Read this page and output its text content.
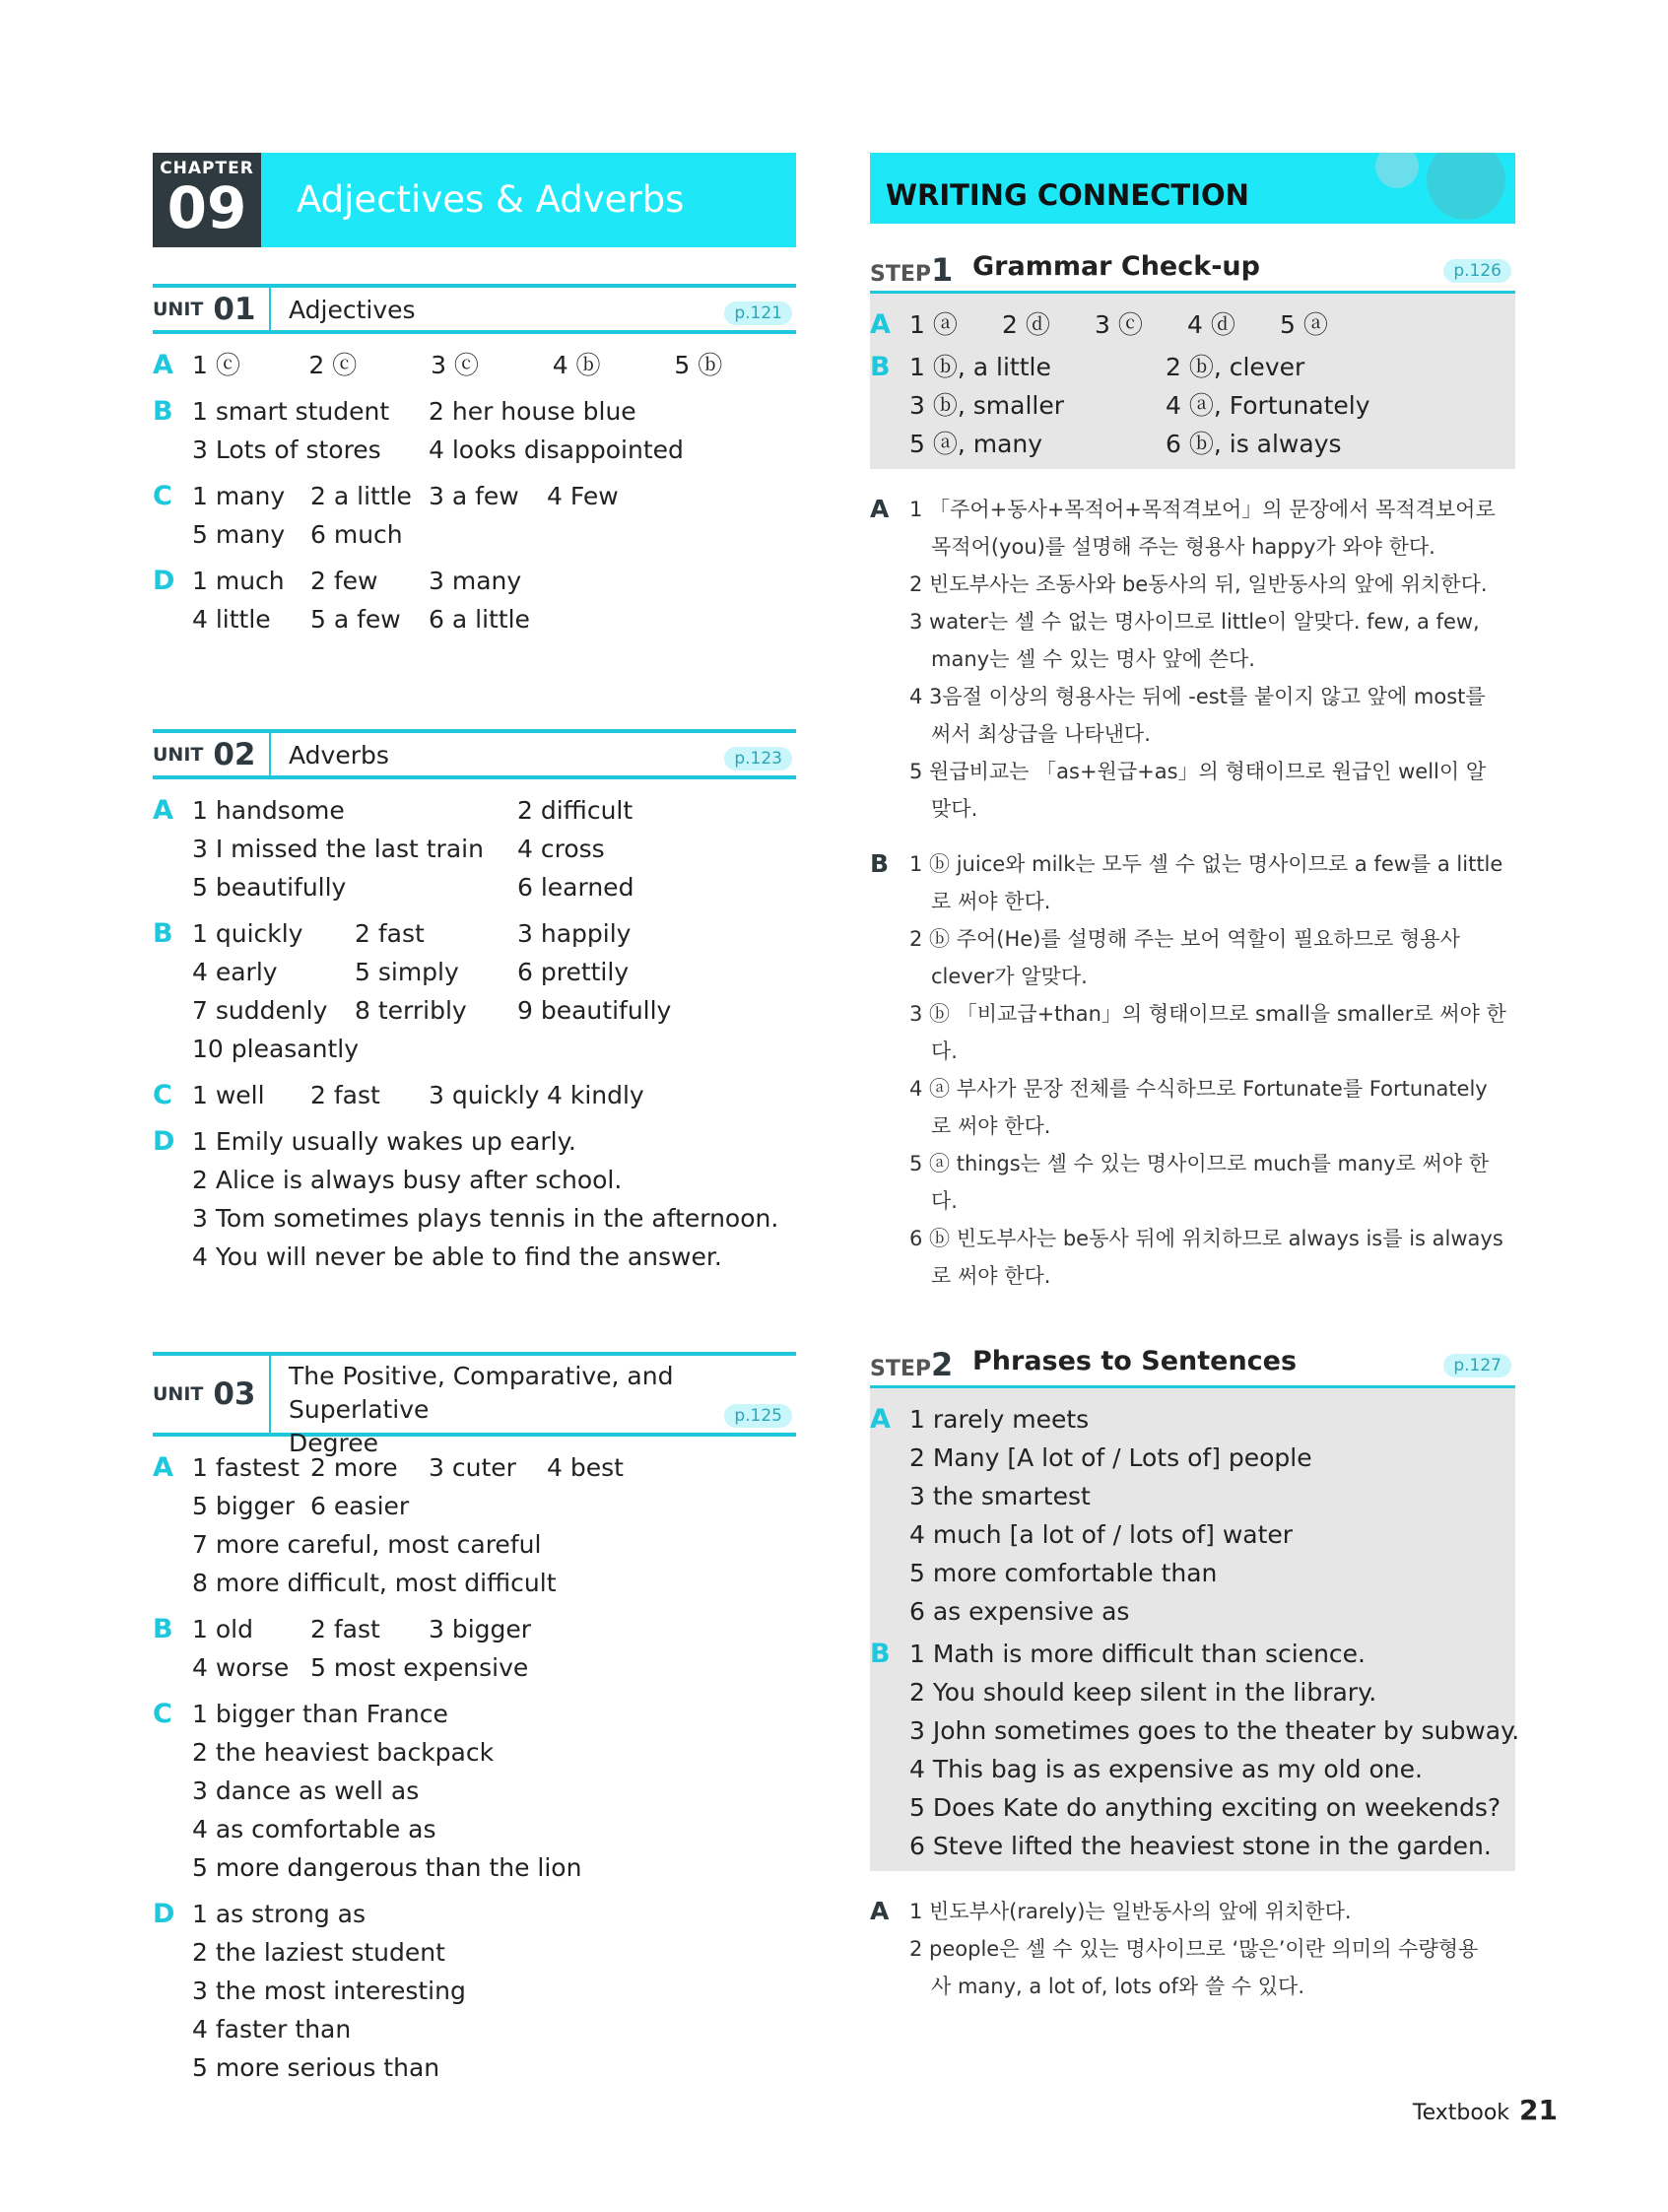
CHAPTER
09	Adjectives & Adverbs
UNIT 01 Adjectives	p.121
A 1 ⓒ	2 ⓒ	3 ⓒ	4 ⓑ	5 ⓑ
B 1 smart student	2 her house blue
3 Lots of stores	4 looks disappointed
C 1 many	2 a little 3 a few	4 Few
5 many	6 much
D 1 much	2 few	3 many
4 little	5 a few	6 a little
UNIT 02 Adverbs	p.123
A 1 handsome	2 difficult
3 I missed the last train	4 cross
5 beautifully	6 learned
B 1 quickly	2 fast	3 happily
4 early	5 simply	6 prettily
7 suddenly	8 terribly	9 beautifully
10 pleasantly
C 1 well	2 fast	3 quickly 4 kindly
D 1 Emily usually wakes up early.
2 Alice is always busy after school.
3 Tom sometimes plays tennis in the afternoon.
4 You will never be able to find the answer.
UNIT 03
The Positive, Comparative, and Superlative
Degree
p.125
A 1 fastest 2 more	3 cuter	4 best
5 bigger 6 easier
7 more careful, most careful
8 more difficult, most difficult
B 1 old	2 fast	3 bigger
4 worse 5 most expensive
C 1 bigger than France
2 the heaviest backpack
3 dance as well as
4 as comfortable as
5 more dangerous than the lion
D 1 as strong as
2 the laziest student
3 the most interesting
4 faster than
5 more serious than
WRITING CONNECTION
STEP1 Grammar Check-up	p.126
A 1 ⓐ	2 ⓓ	3 ⓒ	4 ⓓ	5 ⓐ
B 1 ⓑ, a little	2 ⓑ, clever
3 ⓑ, smaller	4 ⓐ, Fortunately
5 ⓐ, many	6 ⓑ, is always
A 1 「주어+동사+목적어+목적격보어」의 문장에서 목적격보어로
목적어(you)를 설명해 주는 형용사 happy가 와야 한다.
2 빈도부사는 조동사와 be동사의 뒤, 일반동사의 앞에 위치한다.
3 water는 셀 수 없는 명사이므로 little이 알맞다. few, a few,
many는 셀 수 있는 명사 앞에 쓴다.
4 3음절 이상의 형용사는 뒤에 -est를 붙이지 않고 앞에 most를
써서 최상급을 나타낸다.
5 원급비교는 「as+원급+as」의 형태이므로 원급인 well이 알
맞다.
B 1 ⓑ juice와 milk는 모두 셀 수 없는 명사이므로 a few를 a little
로 써야 한다.
2 ⓑ 주어(He)를 설명해 주는 보어 역할이 필요하므로 형용사
clever가 알맞다.
3 ⓑ 「비교급+than」의 형태이므로 small을 smaller로 써야 한
다.
4 ⓐ 부사가 문장 전체를 수식하므로 Fortunate를 Fortunately
로 써야 한다.
5 ⓐ things는 셀 수 있는 명사이므로 much를 many로 써야 한
다.
6 ⓑ 빈도부사는 be동사 뒤에 위치하므로 always is를 is always
로 써야 한다.
STEP2 Phrases to Sentences	p.127
A 1 rarely meets
2 Many [A lot of / Lots of] people
3 the smartest
4 much [a lot of / lots of] water
5 more comfortable than
6 as expensive as
B 1 Math is more difficult than science.
2 You should keep silent in the library.
3 John sometimes goes to the theater by subway.
4 This bag is as expensive as my old one.
5 Does Kate do anything exciting on weekends?
6 Steve lifted the heaviest stone in the garden.
A 1 빈도부사(rarely)는 일반동사의 앞에 위치한다.
2 people은 셀 수 있는 명사이므로 ‘많은’이란 의미의 수량형용
사 many, a lot of, lots of와 쓸 수 있다.
Textbook 21
